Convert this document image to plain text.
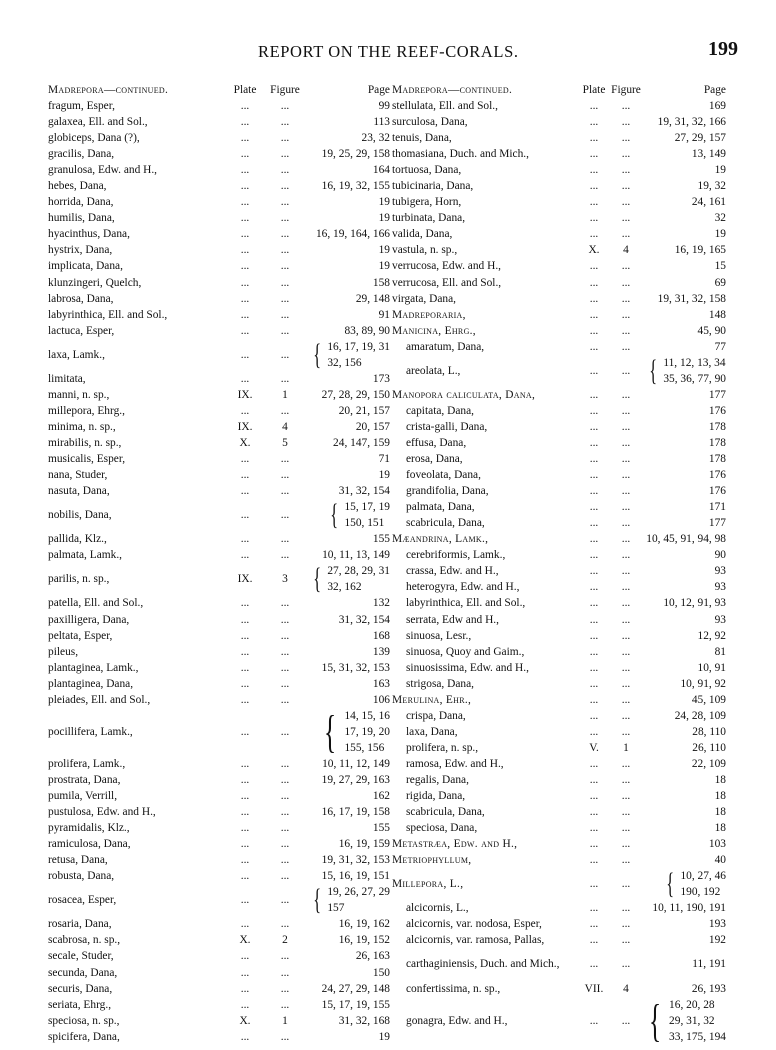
REPORT ON THE REEF-CORALS.	199
Madrepora—continued.	Plate	Figure	Page
fragum, Esper,	...	...	99
galaxea, Ell. and Sol.,	...	...	113
globiceps, Dana (?),	...	...	23, 32
gracilis, Dana,	...	...	19, 25, 29, 158
granulosa, Edw. and H.,	...	...	164
hebes, Dana,	...	...	16, 19, 32, 155
horrida, Dana,	...	...	19
humilis, Dana,	...	...	19
hyacinthus, Dana,	...	...	16, 19, 164, 166
hystrix, Dana,	...	...	19
implicata, Dana,	...	...	19
klunzingeri, Quelch,	...	...	158
labrosa, Dana,	...	...	29, 148
labyrinthica, Ell. and Sol.,	...	...	91
lactuca, Esper,	...	...	83, 89, 90
laxa, Lamk.,	...	... { 16, 17, 19, 31
32, 156
limitata,	...	...	173
manni, n. sp.,	IX.	1	27, 28, 29, 150
millepora, Ehrg.,	...	...	20, 21, 157
minima, n. sp.,	IX.	4	20, 157
mirabilis, n. sp.,	X.	5	24, 147, 159
musicalis, Esper,	...	...	71
nana, Studer,	...	...	19
nasuta, Dana,	...	...	31, 32, 154
nobilis, Dana,	...	...	{ 15, 17, 19
150, 151
pallida, Klz.,	...	...	155
palmata, Lamk.,	...	...	10, 11, 13, 149
parilis, n. sp.,	IX.	3 { 27, 28, 29, 31
32, 162
patella, Ell. and Sol.,	...	...	132
paxilligera, Dana,	...	...	31, 32, 154
peltata, Esper,	...	...	168
pileus,	...	...	139
plantaginea, Lamk.,	...	...	15, 31, 32, 153
plantaginea, Dana,	...	...	163
pleiades, Ell. and Sol.,	...	...	106
pocillifera, Lamk.,	...	... { 14, 15, 16
17, 19, 20
155, 156
prolifera, Lamk.,	...	...	10, 11, 12, 149
prostrata, Dana,	...	...	19, 27, 29, 163
pumila, Verrill,	...	...	162
pustulosa, Edw. and H.,	...	...	16, 17, 19, 158
pyramidalis, Klz.,	...	...	155
ramiculosa, Dana,	...	...	16, 19, 159
retusa, Dana,	...	...	19, 31, 32, 153
robusta, Dana,	...	...	15, 16, 19, 151
rosacea, Esper,	...	... { 19, 26, 27, 29
157
rosaria, Dana,	...	...	16, 19, 162
scabrosa, n. sp.,	X.	2	16, 19, 152
secale, Studer,	...	...	26, 163
secunda, Dana,	...	...	150
securis, Dana,	...	...	24, 27, 29, 148
seriata, Ehrg.,	...	...	15, 17, 19, 155
speciosa, n. sp.,	X.	1	31, 32, 168
spicifera, Dana,	...	...	19
Madrepora—continued.	Plate Figure	Page
stellulata, Ell. and Sol.,	...	...	169
surculosa, Dana,	...	...	19, 31, 32, 166
tenuis, Dana,	...	...	27, 29, 157
thomasiana, Duch. and Mich.,	...	...	13, 149
tortuosa, Dana,	...	...	19
tubicinaria, Dana,	...	...	19, 32
tubigera, Horn,	...	...	24, 161
turbinata, Dana,	...	...	32
valida, Dana,	...	...	19
vastula, n. sp.,	X.	4	16, 19, 165
verrucosa, Edw. and H.,	...	...	15
verrucosa, Ell. and Sol.,	...	...	69
virgata, Dana,	...	...	19, 31, 32, 158
Madreporaria,	...	...	148
Manicina, Ehrg.,	...	...	45, 90
amaratum, Dana,	...	...	77
areolata, L.,	...	... { 11, 12, 13, 34
35, 36, 77, 90
Manopora caliculata, Dana,	...	...	177
capitata, Dana,	...	...	176
crista-galli, Dana,	...	...	178
effusa, Dana,	...	...	178
erosa, Dana,	...	...	178
foveolata, Dana,	...	...	176
grandifolia, Dana,	...	...	176
palmata, Dana,	...	...	171
scabricula, Dana,	...	...	177
Mæandrina, Lamk.,	...	...	10, 45, 91, 94, 98
cerebriformis, Lamk.,	...	...	90
crassa, Edw. and H.,	...	...	93
heterogyra, Edw. and H.,	...	...	93
labyrinthica, Ell. and Sol.,	...	...	10, 12, 91, 93
serrata, Edw and H.,	...	...	93
sinuosa, Lesr.,	...	...	12, 92
sinuosa, Quoy and Gaim.,	...	...	81
sinuosissima, Edw. and H.,	...	...	10, 91
strigosa, Dana,	...	...	10, 91, 92
Merulina, Ehr.,	...	...	45, 109
crispa, Dana,	...	...	24, 28, 109
laxa, Dana,	...	...	28, 110
prolifera, n. sp.,	V.	1	26, 110
ramosa, Edw. and H.,	...	...	22, 109
regalis, Dana,	...	...	18
rigida, Dana,	...	...	18
scabricula, Dana,	...	...	18
speciosa, Dana,	...	...	18
Metastræa, Edw. and H.,	...	...	103
Metriophyllum,	...	...	40
Millepora, L.,	...	...	{ 10, 27, 46
190, 192
alcicornis, L.,	...	...	10, 11, 190, 191
alcicornis, var. nodosa, Esper,	...	...	193
alcicornis, var. ramosa, Pallas,	...	...	192
carthaginiensis, Duch. and Mich.,	...	...	11, 191
confertissima, n. sp.,	VII.	4	26, 193
gonagra, Edw. and H.,	...	... { 16, 20, 28
29, 31, 32
33, 175, 194
